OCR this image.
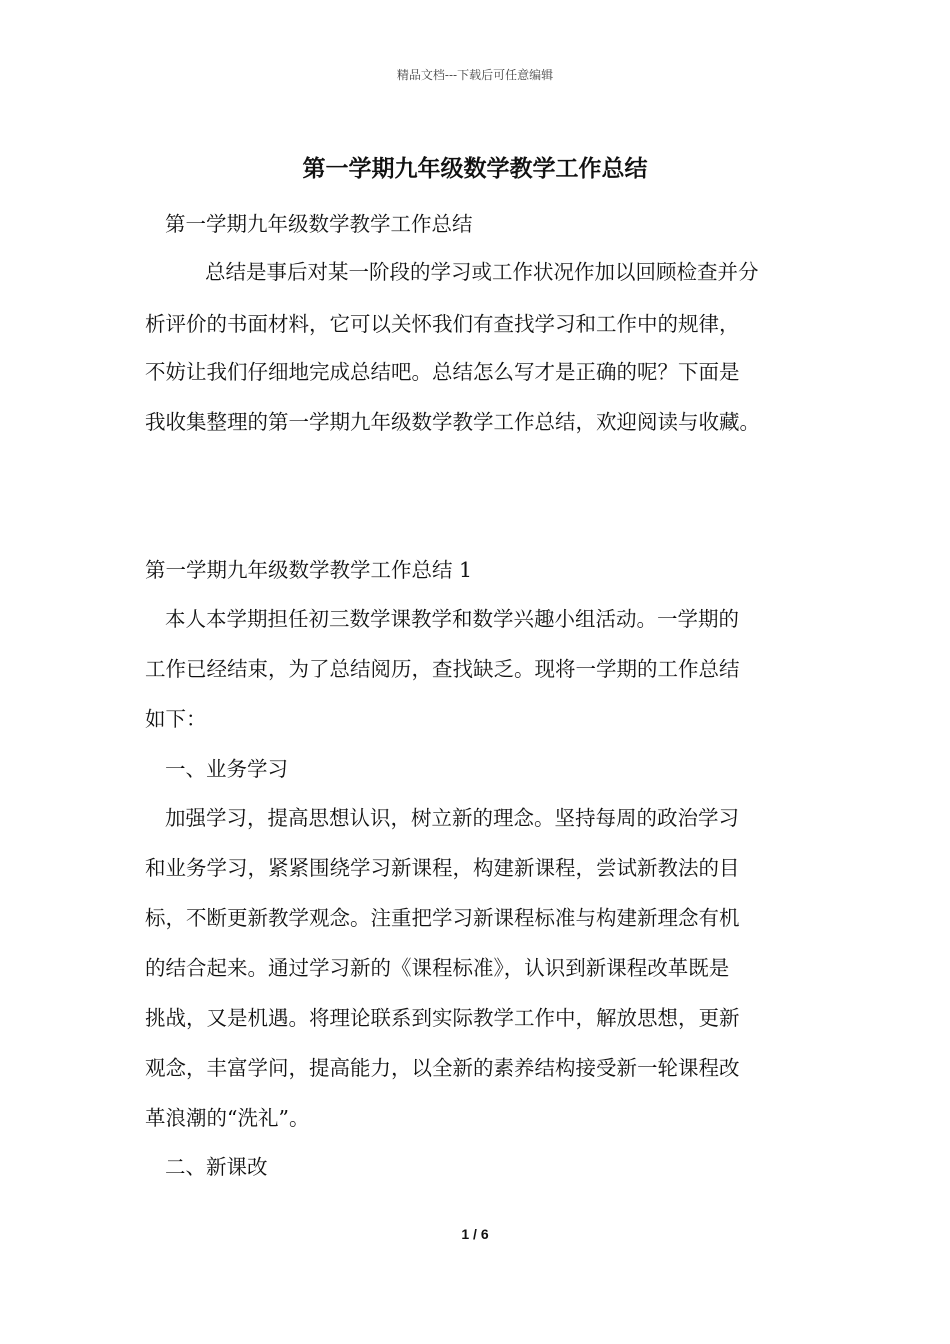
精品文档---下载后可任意编辑
第一学期九年级数学教学工作总结

第一学期九年级数学教学工作总结

总结是事后对某一阶段的学习或工作状况作加以回顾检查并分

析评价的书面材料，它可以关怀我们有查找学习和工作中的规律，

不妨让我们仔细地完成总结吧。总结怎么写才是正确的呢？下面是

我收集整理的第一学期九年级数学教学工作总结，欢迎阅读与收藏。

第一学期九年级数学教学工作总结 1

本人本学期担任初三数学课教学和数学兴趣小组活动。一学期的

工作已经结束，为了总结阅历，查找缺乏。现将一学期的工作总结

如下：

一、业务学习

加强学习，提高思想认识，树立新的理念。坚持每周的政治学习

和业务学习，紧紧围绕学习新课程，构建新课程，尝试新教法的目

标，不断更新教学观念。注重把学习新课程标准与构建新理念有机

的结合起来。通过学习新的《课程标准》，认识到新课程改革既是

挑战，又是机遇。将理论联系到实际教学工作中，解放思想，更新

观念，丰富学问，提高能力，以全新的素养结构接受新一轮课程改

革浪潮的“洗礼”。

二、新课改

1 / 6
